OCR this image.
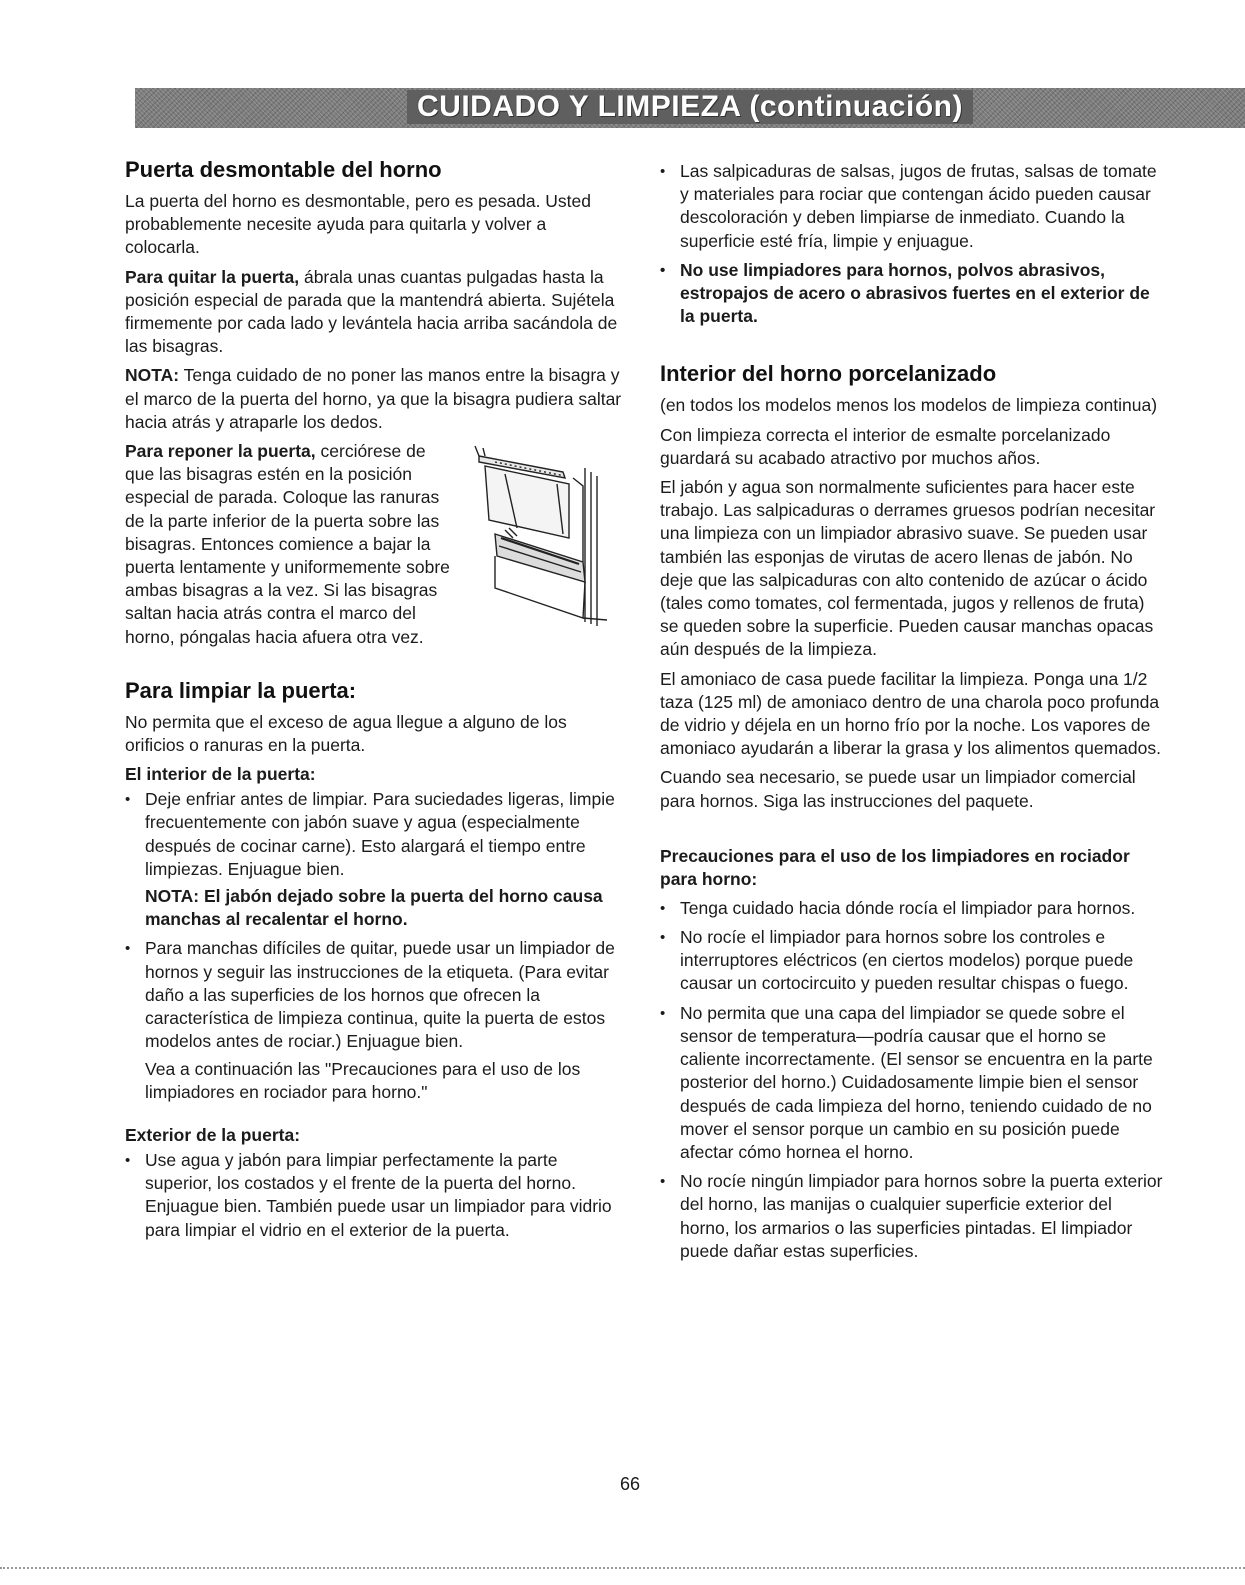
CUIDADO Y LIMPIEZA (continuación)
Puerta desmontable del horno

La puerta del horno es desmontable, pero es pesada. Usted probablemente necesite ayuda para quitarla y volver a colocarla.

Para quitar la puerta, ábrala unas cuantas pulgadas hasta la posición especial de parada que la mantendrá abierta. Sujétela firmemente por cada lado y levántela hacia arriba sacándola de las bisagras.

NOTA: Tenga cuidado de no poner las manos entre la bisagra y el marco de la puerta del horno, ya que la bisagra pudiera saltar hacia atrás y atraparle los dedos.

Para reponer la puerta, cerciórese de que las bisagras estén en la posición especial de parada. Coloque las ranuras de la parte inferior de la puerta sobre las bisagras. Entonces comience a bajar la puerta lentamente y uniformemente sobre ambas bisagras a la vez. Si las bisagras saltan hacia atrás contra el marco del horno, póngalas hacia afuera otra vez.

Para limpiar la puerta:

No permita que el exceso de agua llegue a alguno de los orificios o ranuras en la puerta.

El interior de la puerta:
• Deje enfriar antes de limpiar. Para suciedades ligeras, limpie frecuentemente con jabón suave y agua (especialmente después de cocinar carne). Esto alargará el tiempo entre limpiezas. Enjuague bien.

NOTA: El jabón dejado sobre la puerta del horno causa manchas al recalentar el horno.

• Para manchas difíciles de quitar, puede usar un limpiador de hornos y seguir las instrucciones de la etiqueta. (Para evitar daño a las superficies de los hornos que ofrecen la característica de limpieza continua, quite la puerta de estos modelos antes de rociar.) Enjuague bien.

Vea a continuación las "Precauciones para el uso de los limpiadores en rociador para horno."

Exterior de la puerta:
• Use agua y jabón para limpiar perfectamente la parte superior, los costados y el frente de la puerta del horno. Enjuague bien. También puede usar un limpiador para vidrio para limpiar el vidrio en el exterior de la puerta.
• Las salpicaduras de salsas, jugos de frutas, salsas de tomate y materiales para rociar que contengan ácido pueden causar descoloración y deben limpiarse de inmediato. Cuando la superficie esté fría, limpie y enjuague.
• No use limpiadores para hornos, polvos abrasivos, estropajos de acero o abrasivos fuertes en el exterior de la puerta.
Interior del horno porcelanizado

(en todos los modelos menos los modelos de limpieza continua)

Con limpieza correcta el interior de esmalte porcelanizado guardará su acabado atractivo por muchos años.

El jabón y agua son normalmente suficientes para hacer este trabajo. Las salpicaduras o derrames gruesos podrían necesitar una limpieza con un limpiador abrasivo suave. Se pueden usar también las esponjas de virutas de acero llenas de jabón. No deje que las salpicaduras con alto contenido de azúcar o ácido (tales como tomates, col fermentada, jugos y rellenos de fruta) se queden sobre la superficie. Pueden causar manchas opacas aún después de la limpieza.

El amoniaco de casa puede facilitar la limpieza. Ponga una 1/2 taza (125 ml) de amoniaco dentro de una charola poco profunda de vidrio y déjela en un horno frío por la noche. Los vapores de amoniaco ayudarán a liberar la grasa y los alimentos quemados.

Cuando sea necesario, se puede usar un limpiador comercial para hornos. Siga las instrucciones del paquete.

Precauciones para el uso de los limpiadores en rociador para horno:
• Tenga cuidado hacia dónde rocía el limpiador para hornos.
• No rocíe el limpiador para hornos sobre los controles e interruptores eléctricos (en ciertos modelos) porque puede causar un cortocircuito y pueden resultar chispas o fuego.
• No permita que una capa del limpiador se quede sobre el sensor de temperatura—podría causar que el horno se caliente incorrectamente. (El sensor se encuentra en la parte posterior del horno.) Cuidadosamente limpie bien el sensor después de cada limpieza del horno, teniendo cuidado de no mover el sensor porque un cambio en su posición puede afectar cómo hornea el horno.
• No rocíe ningún limpiador para hornos sobre la puerta exterior del horno, las manijas o cualquier superficie exterior del horno, los armarios o las superficies pintadas. El limpiador puede dañar estas superficies.
66
